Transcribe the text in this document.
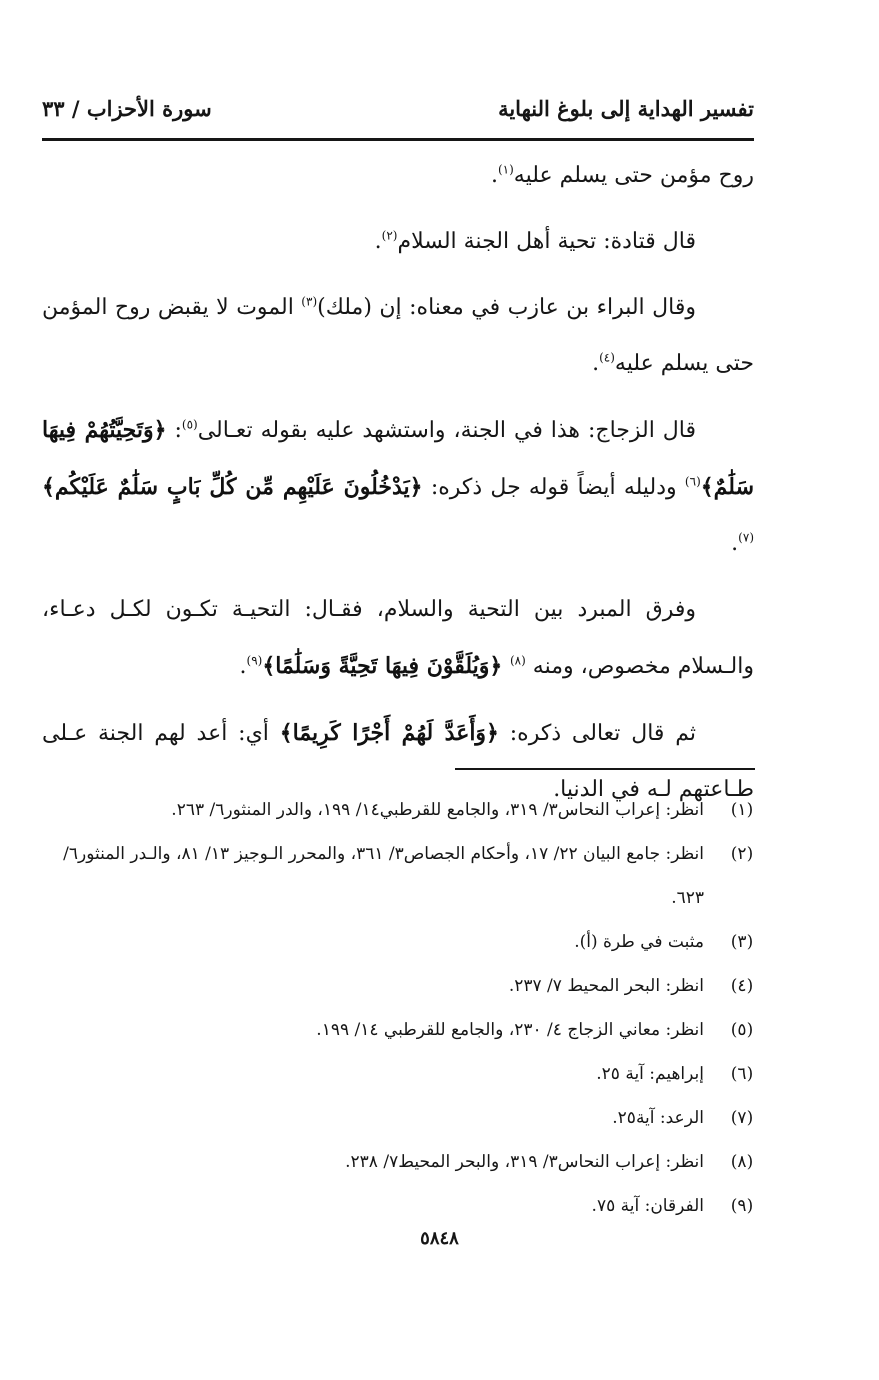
تفسير الهداية إلى بلوغ النهاية
سورة الأحزاب / ٣٣

روح مؤمن حتى يسلم عليه$^{(١)}$.

قال قتادة: تحية أهل الجنة السلام$^{(٢)}$.

وقال البراء بن عازب في معناه: إن (ملك)$^{(٣)}$ الموت لا يقبض روح المؤمن حتى يسلم عليه$^{(٤)}$.

قال الزجاج: هذا في الجنة، واستشهد عليه بقوله تعـالى$^{(٥)}$: ﴿وَتَحِيَّتُهُمْ فِيهَا سَلَٰمٌ﴾$^{(٦)}$ ودليله أيضاً قوله جل ذكره: ﴿يَدْخُلُونَ عَلَيْهِم مِّن كُلِّ بَابٍ سَلَٰمٌ عَلَيْكُم﴾$^{(٧)}$.

وفرق المبرد بين التحية والسلام، فقـال: التحيـة تكـون لكـل دعـاء، والـسلام مخصوص، ومنه $^{(٨)}$ ﴿وَيُلَقَّوْنَ فِيهَا تَحِيَّةً وَسَلَٰمًا﴾$^{(٩)}$.

ثم قال تعالى ذكره: ﴿وَأَعَدَّ لَهُمْ أَجْرًا كَرِيمًا﴾ أي: أعد لهم الجنة عـلى طـاعتهم لـه في الدنيا.

(١)
انظر: إعراب النحاس٣/ ٣١٩، والجامع للقرطبي١٤/ ١٩٩، والدر المنثور٦/ ٢٦٣.
(٢)
انظر: جامع البيان ٢٢/ ١٧، وأحكام الجصاص٣/ ٣٦١، والمحرر الـوجيز ١٣/ ٨١، والـدر المنثور٦/ ٦٢٣.
(٣)
مثبت في طرة (أ).
(٤)
انظر: البحر المحيط ٧/ ٢٣٧.
(٥)
انظر: معاني الزجاج ٤/ ٢٣٠، والجامع للقرطبي ١٤/ ١٩٩.
(٦)
إبراهيم: آية ٢٥.
(٧)
الرعد: آية٢٥.
(٨)
انظر: إعراب النحاس٣/ ٣١٩، والبحر المحيط٧/ ٢٣٨.
(٩)
الفرقان: آية ٧٥.
٥٨٤٨
